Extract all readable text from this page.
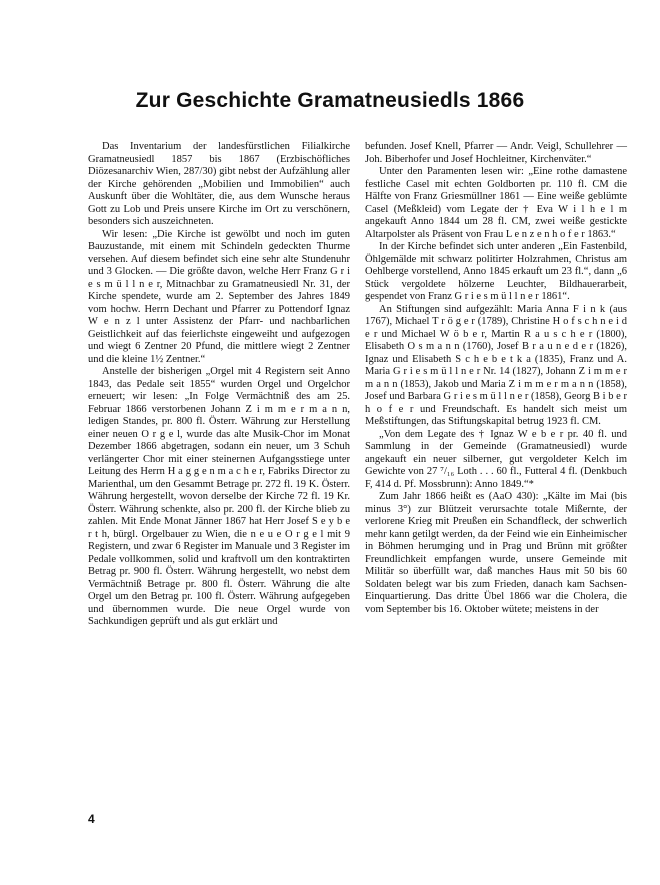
Zur Geschichte Gramatneusiedls 1866

Das Inventarium der landesfürstlichen Filialkirche Gramatneusiedl 1857 bis 1867 (Erzbischöfliches Diözesanarchiv Wien, 287/30) gibt nebst der Aufzählung aller der Kirche gehörenden „Mobilien und Immobilien“ auch Auskunft über die Wohltäter, die, aus dem Wunsche heraus Gott zu Lob und Preis unsere Kirche im Ort zu verschönern, besonders sich auszeichneten.

Wir lesen: „Die Kirche ist gewölbt und noch im guten Bauzustande, mit einem mit Schindeln gedeckten Thurme versehen. Auf diesem befindet sich eine sehr alte Stundenuhr und 3 Glocken. — Die größte davon, welche Herr Franz G r i e s m ü l l n e r, Mitnachbar zu Gramatneusiedl Nr. 31, der Kirche spendete, wurde am 2. September des Jahres 1849 vom hochw. Herrn Dechant und Pfarrer zu Pottendorf Ignaz W e n z l unter Assistenz der Pfarr- und nachbarlichen Geistlichkeit auf das feierlichste eingeweiht und aufgezogen und wiegt 6 Zentner 20 Pfund, die mittlere wiegt 2 Zentner und die kleine 1½ Zentner.“

Anstelle der bisherigen „Orgel mit 4 Registern seit Anno 1843, das Pedale seit 1855“ wurden Orgel und Orgelchor erneuert; wir lesen: „In Folge Vermächtniß des am 25. Februar 1866 verstorbenen Johann Z i m m e r m a n n, ledigen Standes, pr. 800 fl. Österr. Währung zur Herstellung einer neuen O r g e l, wurde das alte Musik-Chor im Monat Dezember 1866 abgetragen, sodann ein neuer, um 3 Schuh verlängerter Chor mit einer steinernen Aufgangsstiege unter Leitung des Herrn H a g g e n m a c h e r, Fabriks Director zu Marienthal, um den Gesammt Betrage pr. 272 fl. 19 K. Österr. Währung hergestellt, wovon derselbe der Kirche 72 fl. 19 Kr. Österr. Währung schenkte, also pr. 200 fl. der Kirche blieb zu zahlen. Mit Ende Monat Jänner 1867 hat Herr Josef S e y b e r t h, bürgl. Orgelbauer zu Wien, die n e u e O r g e l mit 9 Registern, und zwar 6 Register im Manuale und 3 Register im Pedale vollkommen, solid und kraftvoll um den kontraktirten Betrag pr. 900 fl. Österr. Währung hergestellt, wo nebst dem Vermächtniß Betrage pr. 800 fl. Österr. Währung die alte Orgel um den Betrag pr. 100 fl. Österr. Währung aufgegeben und übernommen wurde. Die neue Orgel wurde von Sachkundigen geprüft und als gut erklärt und

befunden. Josef Knell, Pfarrer — Andr. Veigl, Schullehrer — Joh. Biberhofer und Josef Hochleitner, Kirchenväter.“

Unter den Paramenten lesen wir: „Eine rothe damastene festliche Casel mit echten Goldborten pr. 110 fl. CM die Hälfte von Franz Griesmüllner 1861 — Eine weiße geblümte Casel (Meßkleid) vom Legate der † Eva W i l h e l m angekauft Anno 1844 um 28 fl. CM, zwei weiße gestickte Altarpolster als Präsent von Frau L e n z e n h o f e r 1863.“

In der Kirche befindet sich unter anderen „Ein Fastenbild, Öhlgemälde mit schwarz politirter Holzrahmen, Christus am Oehlberge vorstellend, Anno 1845 erkauft um 23 fl.“, dann „6 Stück vergoldete hölzerne Leuchter, Bildhauerarbeit, gespendet von Franz G r i e s m ü l l n e r 1861“.

An Stiftungen sind aufgezählt: Maria Anna F i n k (aus 1767), Michael T r ö g e r (1789), Christine H o f s c h n e i d e r und Michael W ö b e r, Martin R a u s c h e r (1800), Elisabeth O s m a n n (1760), Josef B r a u n e d e r (1826), Ignaz und Elisabeth S c h e b e t k a (1835), Franz und A. Maria G r i e s m ü l l n e r Nr. 14 (1827), Johann Z i m m e r m a n n (1853), Jakob und Maria Z i m m e r m a n n (1858), Josef und Barbara G r i e s m ü l l n e r (1858), Georg B i b e r h o f e r und Freundschaft. Es handelt sich meist um Meßstiftungen, das Stiftungskapital betrug 1923 fl. CM.

„Von dem Legate des † Ignaz W e b e r pr. 40 fl. und Sammlung in der Gemeinde (Gramatneusiedl) wurde angekauft ein neuer silberner, gut vergoldeter Kelch im Gewichte von 27 ⁷/₁₆ Loth . . . 60 fl., Futteral 4 fl. (Denkbuch F, 414 d. Pf. Mossbrunn): Anno 1849.“*

Zum Jahr 1866 heißt es (AaO 430): „Kälte im Mai (bis minus 3°) zur Blützeit verursachte totale Mißernte, der verlorene Krieg mit Preußen ein Schandfleck, der schwerlich mehr kann getilgt werden, da der Feind wie ein Einheimischer in Böhmen herumging und in Prag und Brünn mit größter Freundlichkeit empfangen wurde, unsere Gemeinde mit Militär so überfüllt war, daß manches Haus mit 50 bis 60 Soldaten belegt war bis zum Frieden, danach kam Sachsen-Einquartierung. Das dritte Übel 1866 war die Cholera, die vom September bis 16. Oktober wütete; meistens in der

4
